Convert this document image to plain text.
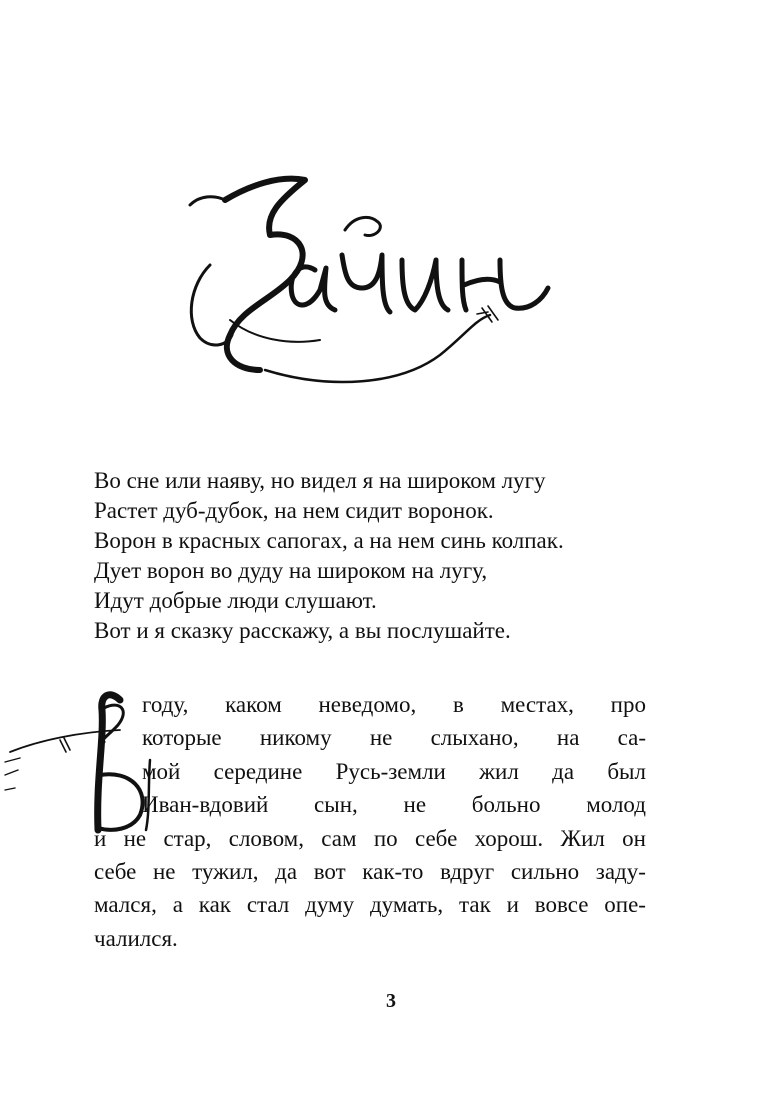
Во сне или наяву, но видел я на широком лугу
Растет дуб-дубок, на нем сидит воронок.
Ворон в красных сапогах, а на нем синь колпак.
Дует ворон во дуду на широком на лугу,
Идут добрые люди слушают.
Вот и я сказку расскажу, а вы послушайте.
году, каком неведомо, в местах, про
которые никому не слыхано, на са-
мой середине Русь-земли жил да был
Иван-вдовий сын, не больно молод
и не стар, словом, сам по себе хорош. Жил он
себе не тужил, да вот как-то вдруг сильно заду-
мался, а как стал думу думать, так и вовсе опе-
чалился.
3
